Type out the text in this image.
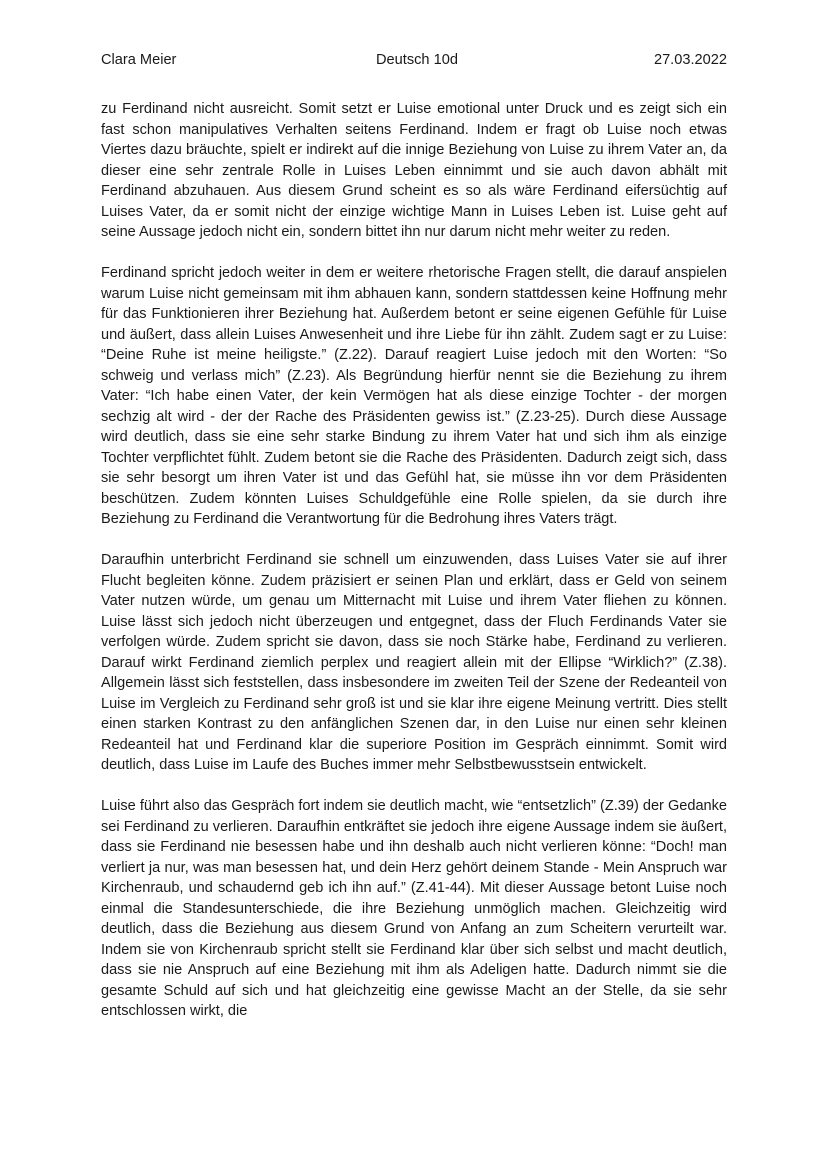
Clara Meier	Deutsch 10d	27.03.2022

zu Ferdinand nicht ausreicht. Somit setzt er Luise emotional unter Druck und es zeigt sich ein fast schon manipulatives Verhalten seitens Ferdinand. Indem er fragt ob Luise noch etwas Viertes dazu bräuchte, spielt er indirekt auf die innige Beziehung von Luise zu ihrem Vater an, da dieser eine sehr zentrale Rolle in Luises Leben einnimmt und sie auch davon abhält mit Ferdinand abzuhauen. Aus diesem Grund scheint es so als wäre Ferdinand eifersüchtig auf Luises Vater, da er somit nicht der einzige wichtige Mann in Luises Leben ist. Luise geht auf seine Aussage jedoch nicht ein, sondern bittet ihn nur darum nicht mehr weiter zu reden.

Ferdinand spricht jedoch weiter in dem er weitere rhetorische Fragen stellt, die darauf anspielen warum Luise nicht gemeinsam mit ihm abhauen kann, sondern stattdessen keine Hoffnung mehr für das Funktionieren ihrer Beziehung hat. Außerdem betont er seine eigenen Gefühle für Luise und äußert, dass allein Luises Anwesenheit und ihre Liebe für ihn zählt. Zudem sagt er zu Luise: “Deine Ruhe ist meine heiligste.” (Z.22). Darauf reagiert Luise jedoch mit den Worten: “So schweig und verlass mich” (Z.23). Als Begründung hierfür nennt sie die Beziehung zu ihrem Vater: “Ich habe einen Vater, der kein Vermögen hat als diese einzige Tochter - der morgen sechzig alt wird - der der Rache des Präsidenten gewiss ist.” (Z.23-25). Durch diese Aussage wird deutlich, dass sie eine sehr starke Bindung zu ihrem Vater hat und sich ihm als einzige Tochter verpflichtet fühlt. Zudem betont sie die Rache des Präsidenten. Dadurch zeigt sich, dass sie sehr besorgt um ihren Vater ist und das Gefühl hat, sie müsse ihn vor dem Präsidenten beschützen. Zudem könnten Luises Schuldgefühle eine Rolle spielen, da sie durch ihre Beziehung zu Ferdinand die Verantwortung für die Bedrohung ihres Vaters trägt.

Daraufhin unterbricht Ferdinand sie schnell um einzuwenden, dass Luises Vater sie auf ihrer Flucht begleiten könne. Zudem präzisiert er seinen Plan und erklärt, dass er Geld von seinem Vater nutzen würde, um genau um Mitternacht mit Luise und ihrem Vater fliehen zu können. Luise lässt sich jedoch nicht überzeugen und entgegnet, dass der Fluch Ferdinands Vater sie verfolgen würde. Zudem spricht sie davon, dass sie noch Stärke habe, Ferdinand zu verlieren. Darauf wirkt Ferdinand ziemlich perplex und reagiert allein mit der Ellipse “Wirklich?” (Z.38). Allgemein lässt sich feststellen, dass insbesondere im zweiten Teil der Szene der Redeanteil von Luise im Vergleich zu Ferdinand sehr groß ist und sie klar ihre eigene Meinung vertritt. Dies stellt einen starken Kontrast zu den anfänglichen Szenen dar, in den Luise nur einen sehr kleinen Redeanteil hat und Ferdinand klar die superiore Position im Gespräch einnimmt. Somit wird deutlich, dass Luise im Laufe des Buches immer mehr Selbstbewusstsein entwickelt.

Luise führt also das Gespräch fort indem sie deutlich macht, wie “entsetzlich” (Z.39) der Gedanke sei Ferdinand zu verlieren. Daraufhin entkräftet sie jedoch ihre eigene Aussage indem sie äußert, dass sie Ferdinand nie besessen habe und ihn deshalb auch nicht verlieren könne: “Doch! man verliert ja nur, was man besessen hat, und dein Herz gehört deinem Stande - Mein Anspruch war Kirchenraub, und schaudernd geb ich ihn auf.” (Z.41-44). Mit dieser Aussage betont Luise noch einmal die Standesunterschiede, die ihre Beziehung unmöglich machen. Gleichzeitig wird deutlich, dass die Beziehung aus diesem Grund von Anfang an zum Scheitern verurteilt war. Indem sie von Kirchenraub spricht stellt sie Ferdinand klar über sich selbst und macht deutlich, dass sie nie Anspruch auf eine Beziehung mit ihm als Adeligen hatte. Dadurch nimmt sie die gesamte Schuld auf sich und hat gleichzeitig eine gewisse Macht an der Stelle, da sie sehr entschlossen wirkt, die
